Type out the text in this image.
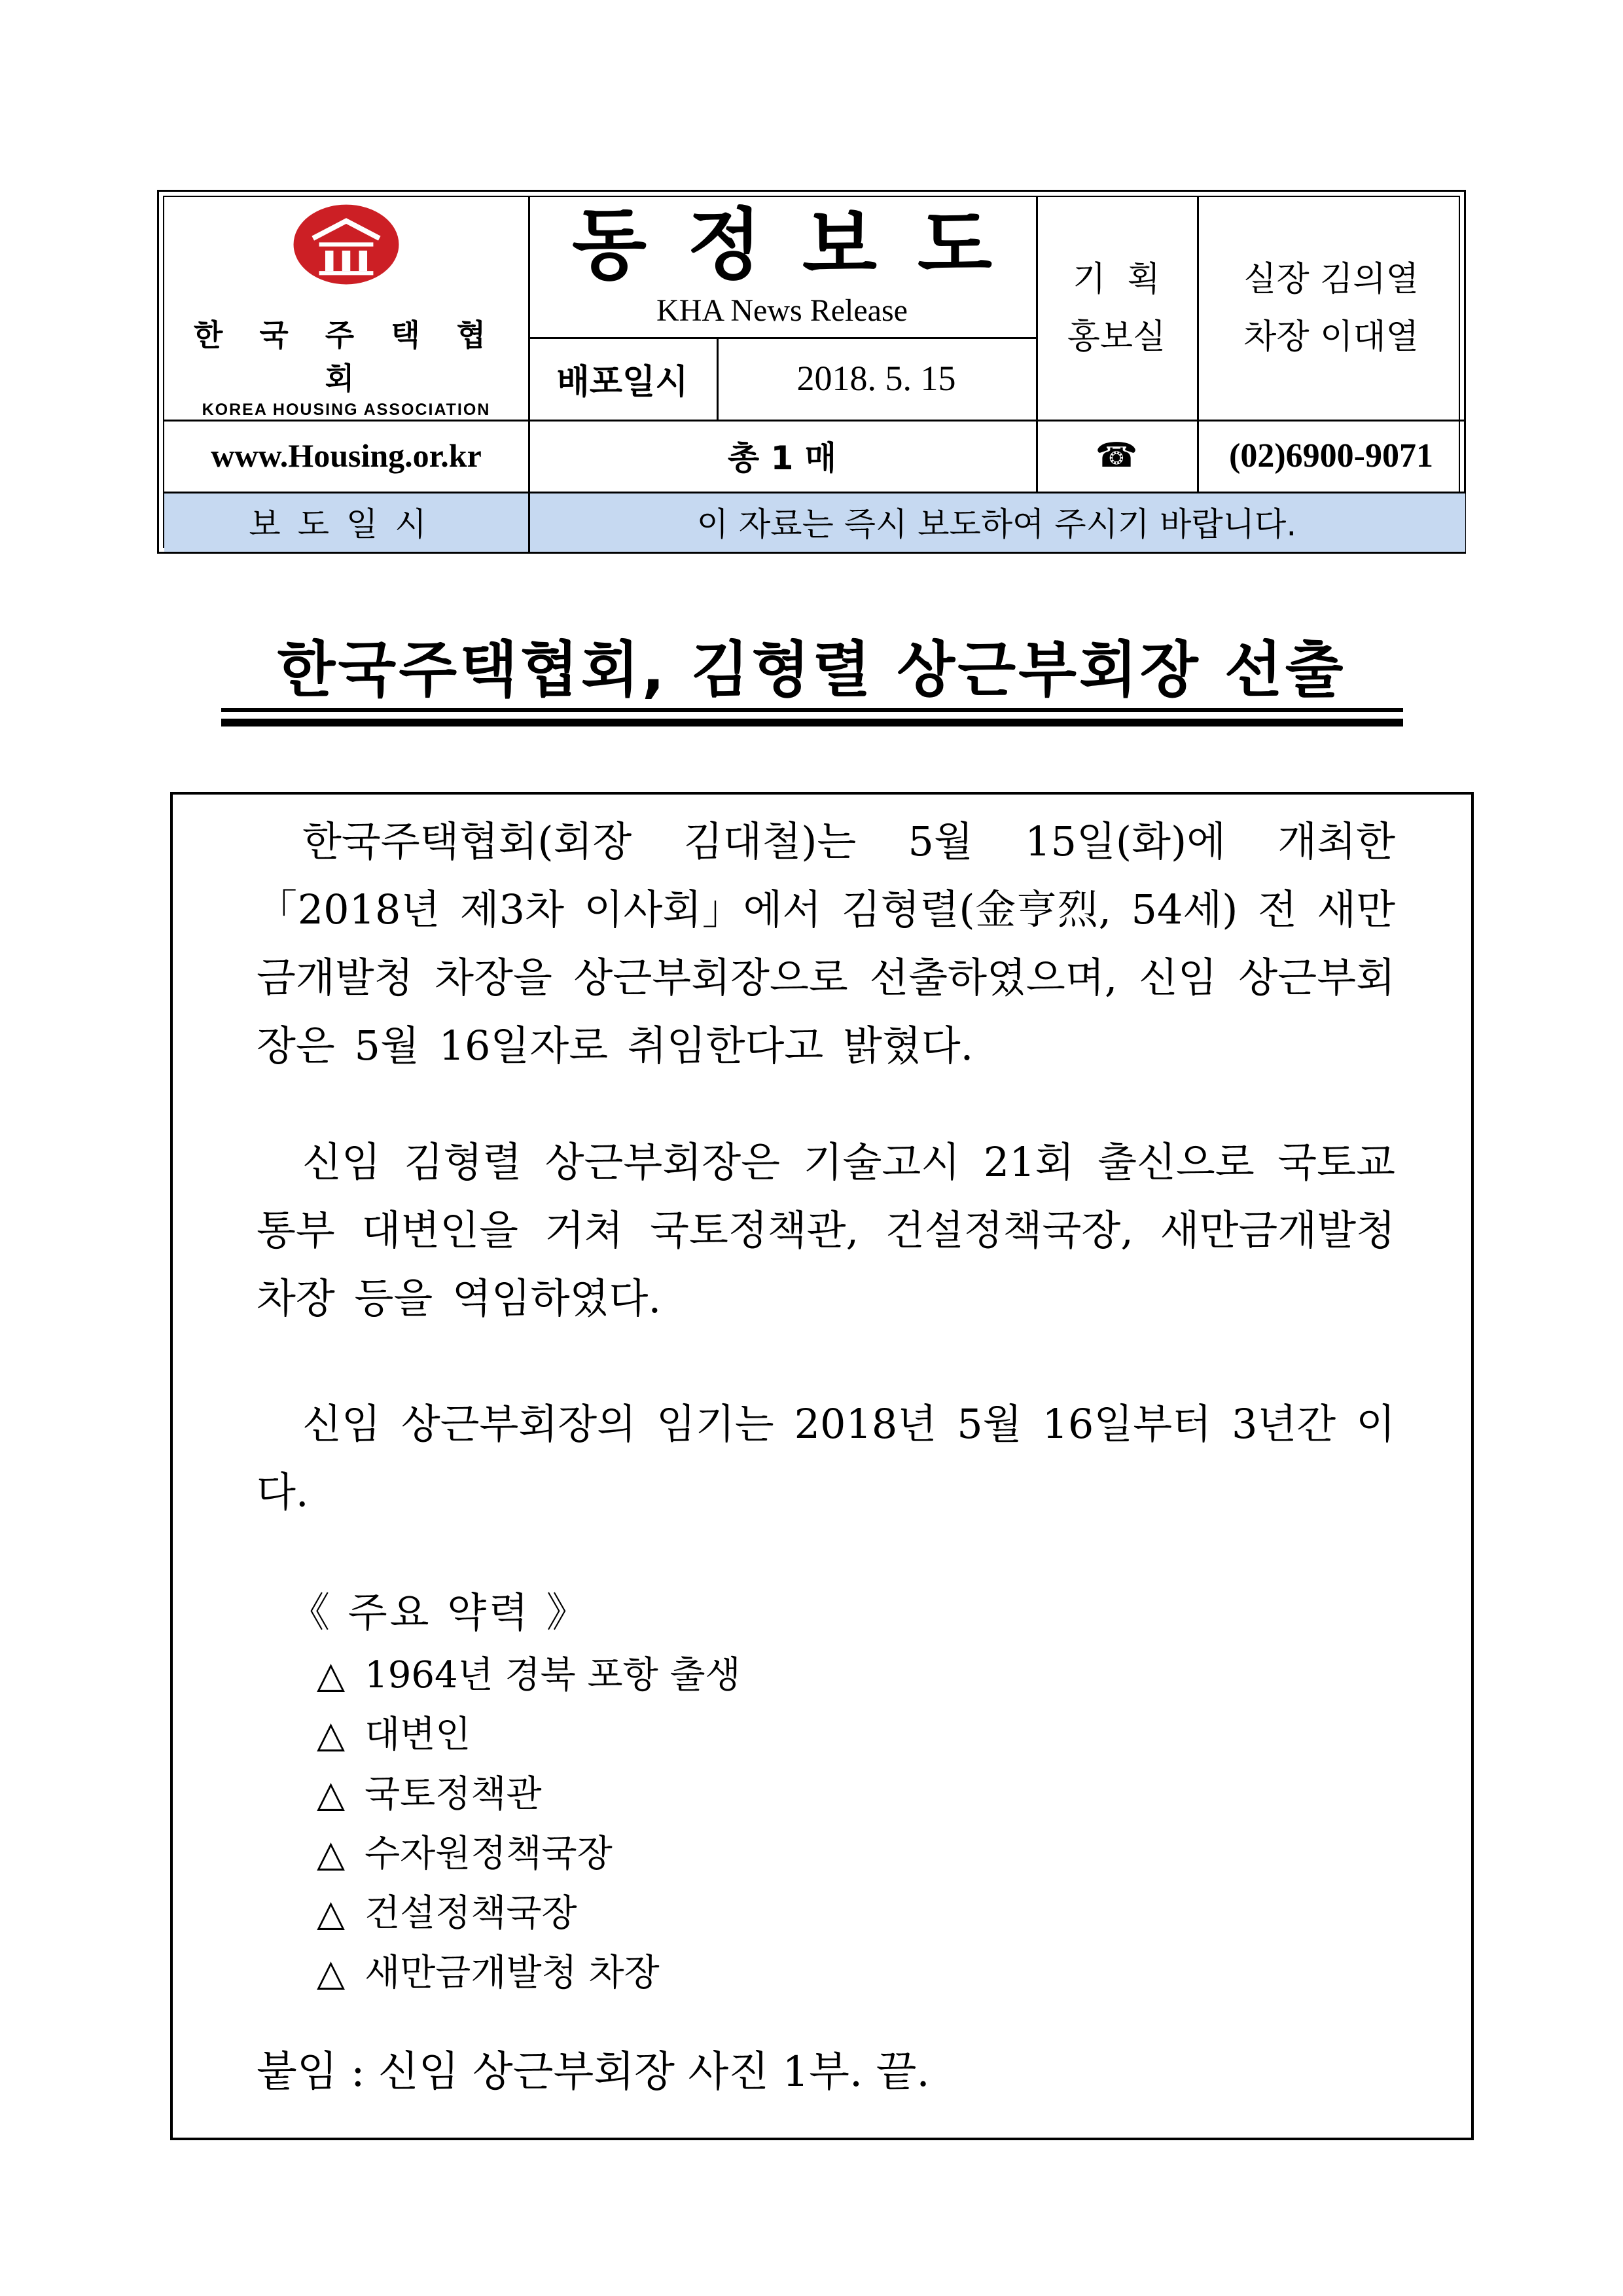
한 국 주 택 협 회
KOREA HOUSING ASSOCIATION
동정보도
KHA News Release
배포일시	2018. 5. 15
기  획
홍보실
실장 김의열
차장 이대열
www.Housing.or.kr	총 1 매	☎	(02)6900-9071
보도일시	이 자료는 즉시 보도하여 주시기 바랍니다.
한국주택협회, 김형렬 상근부회장 선출

한국주택협회(회장 김대철)는 5월 15일(화)에 개최한 「2018년 제3차 이사회」에서 김형렬(金亨烈, 54세) 전 새만금개발청 차장을 상근부회장으로 선출하였으며, 신임 상근부회장은 5월 16일자로 취임한다고 밝혔다.

신임 김형렬 상근부회장은 기술고시 21회 출신으로 국토교통부 대변인을 거쳐 국토정책관, 건설정책국장, 새만금개발청 차장 등을 역임하였다.

신임 상근부회장의 임기는 2018년 5월 16일부터 3년간 이다.

《 주요 약력 》
△ 1964년 경북 포항 출생
△ 대변인
△ 국토정책관
△ 수자원정책국장
△ 건설정책국장
△ 새만금개발청 차장
붙임 : 신임 상근부회장 사진 1부. 끝.
